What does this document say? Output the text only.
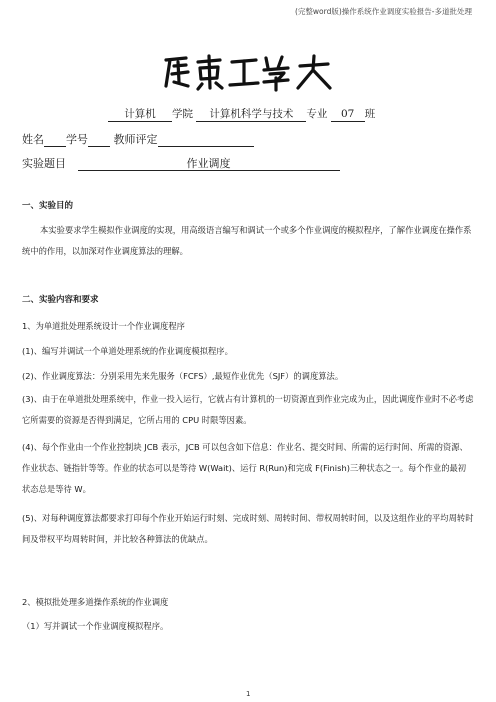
(完整word版)操作系统作业调度实验报告-多道批处理
计算机 学院 计算机科学与技术 专业 07 班
姓名 学号 教师评定
实验题目	作业调度
一、实验目的

本实验要求学生模拟作业调度的实现，用高级语言编写和调试一个或多个作业调度的模拟程序，了解作业调度在操作系统中的作用，以加深对作业调度算法的理解。

二、实验内容和要求
1、为单道批处理系统设计一个作业调度程序
(1)、编写并调试一个单道处理系统的作业调度模拟程序。
(2)、作业调度算法：分别采用先来先服务（FCFS）,最短作业优先（SJF）的调度算法。

(3)、由于在单道批处理系统中，作业一投入运行，它就占有计算机的一切资源直到作业完成为止，因此调度作业时不必考虑它所需要的资源是否得到满足，它所占用的 CPU 时限等因素。

(4)、每个作业由一个作业控制块 JCB 表示，JCB 可以包含如下信息：作业名、提交时间、所需的运行时间、所需的资源、作业状态、链指针等等。作业的状态可以是等待 W(Wait)、运行 R(Run)和完成 F(Finish)三种状态之一。每个作业的最初状态总是等待 W。

(5)、对每种调度算法都要求打印每个作业开始运行时刻、完成时刻、周转时间、带权周转时间，以及这组作业的平均周转时间及带权平均周转时间，并比较各种算法的优缺点。

2、模拟批处理多道操作系统的作业调度
（1）写并调试一个作业调度模拟程序。
1
